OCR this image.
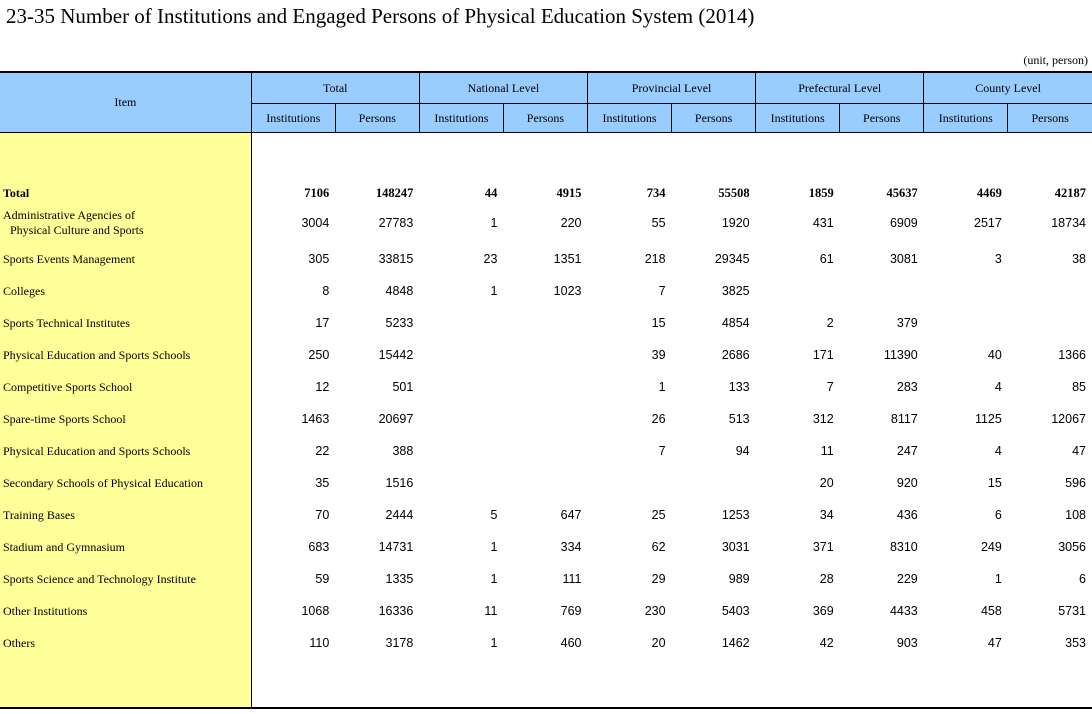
23-35 Number of Institutions and Engaged Persons of Physical Education System (2014)
(unit, person)
Item	Total		National Level		Provincial Level		Prefectural Level		County Level	
	Institutions	Persons	Institutions	Persons	Institutions	Persons	Institutions	Persons	Institutions	Persons

Total	7106	148247	44	4915	734	55508	1859	45637	4469	42187
Administrative Agencies of
Physical Culture and Sports	3004	27783	1	220	55	1920	431	6909	2517	18734
Sports Events Management	305	33815	23	1351	218	29345	61	3081	3	38
Colleges	8	4848	1	1023	7	3825				
Sports Technical Institutes	17	5233			15	4854	2	379		
Physical Education and Sports Schools	250	15442			39	2686	171	11390	40	1366
Competitive Sports School	12	501			1	133	7	283	4	85
Spare-time Sports School	1463	20697			26	513	312	8117	1125	12067
Physical Education and Sports Schools	22	388			7	94	11	247	4	47
Secondary Schools of Physical Education	35	1516					20	920	15	596
Training Bases	70	2444	5	647	25	1253	34	436	6	108
Stadium and Gymnasium	683	14731	1	334	62	3031	371	8310	249	3056
Sports Science and Technology Institute	59	1335	1	111	29	989	28	229	1	6
Other Institutions	1068	16336	11	769	230	5403	369	4433	458	5731
Others	110	3178	1	460	20	1462	42	903	47	353
